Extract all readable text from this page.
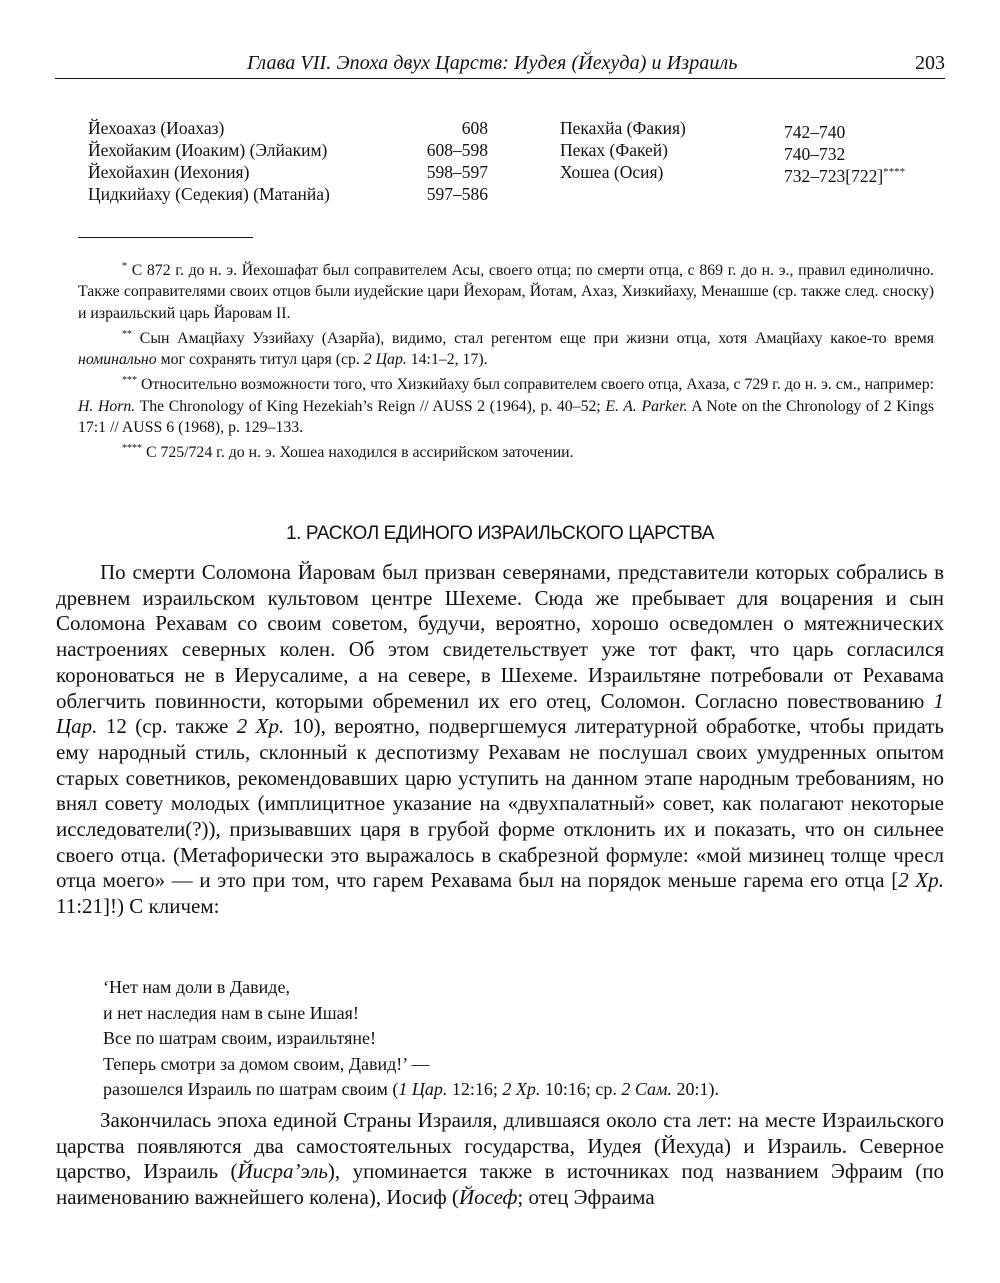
Глава VII. Эпоха двух Царств: Иудея (Йехуда) и Израиль	203
Йехоахаз (Иоахаз)	608
Йехойаким (Иоаким) (Элйаким)	608–598
Йехойахин (Иехония)	598–597
Цидкийаху (Седекия) (Матанйа)	597–586
Пекахйа (Факия)	742–740
Пеках (Факей)	740–732
Хошеа (Осия)	732–723[722]****

* С 872 г. до н. э. Йехошафат был соправителем Асы, своего отца; по смерти отца, с 869 г. до н. э., правил единолично. Также соправителями своих отцов были иудейские цари Йехорам, Йотам, Ахаз, Хизкийаху, Менашше (ср. также след. сноску) и израильский царь Йаровам II.

** Сын Амацйаху Уззийаху (Азарйа), видимо, стал регентом еще при жизни отца, хотя Амацйаху какое-то время номинально мог сохранять титул царя (ср. 2 Цар. 14:1–2, 17).

*** Относительно возможности того, что Хизкийаху был соправителем своего отца, Ахаза, с 729 г. до н. э. см., например: H. Horn. The Chronology of King Hezekiah’s Reign // AUSS 2 (1964), p. 40–52; E. A. Parker. A Note on the Chronology of 2 Kings 17:1 // AUSS 6 (1968), p. 129–133.

**** С 725/724 г. до н. э. Хошеа находился в ассирийском заточении.

1. РАСКОЛ ЕДИНОГО ИЗРАИЛЬСКОГО ЦАРСТВА

По смерти Соломона Йаровам был призван северянами, представители которых собрались в древнем израильском культовом центре Шехеме. Сюда же пребывает для воцарения и сын Соломона Рехавам со своим советом, будучи, вероятно, хорошо осведомлен о мятежнических настроениях северных колен. Об этом свидетельствует уже тот факт, что царь согласился короноваться не в Иерусалиме, а на севере, в Шехеме. Израильтяне потребовали от Рехавама облегчить повинности, которыми обременил их его отец, Соломон. Согласно повествованию 1 Цар. 12 (ср. также 2 Хр. 10), вероятно, подвергшемуся литературной обработке, чтобы придать ему народный стиль, склонный к деспотизму Рехавам не послушал своих умудренных опытом старых советников, рекомендовавших царю уступить на данном этапе народным требованиям, но внял совету молодых (имплицитное указание на «двухпалатный» совет, как полагают некоторые исследователи(?)), призывавших царя в грубой форме отклонить их и показать, что он сильнее своего отца. (Метафорически это выражалось в скабрезной формуле: «мой мизинец толще чресл отца моего» — и это при том, что гарем Рехавама был на порядок меньше гарема его отца [2 Хр. 11:21]!) С кличем:

‘Нет нам доли в Давиде,
и нет наследия нам в сыне Ишая!
Все по шатрам своим, израильтяне!
Теперь смотри за домом своим, Давид!’ —
разошелся Израиль по шатрам своим (1 Цар. 12:16; 2 Хр. 10:16; ср. 2 Сам. 20:1).

Закончилась эпоха единой Страны Израиля, длившаяся около ста лет: на месте Израильского царства появляются два самостоятельных государства, Иудея (Йехуда) и Израиль. Северное царство, Израиль (Йисра’эль), упоминается также в источниках под названием Эфраим (по наименованию важнейшего колена), Иосиф (Йосеф; отец Эфраима
